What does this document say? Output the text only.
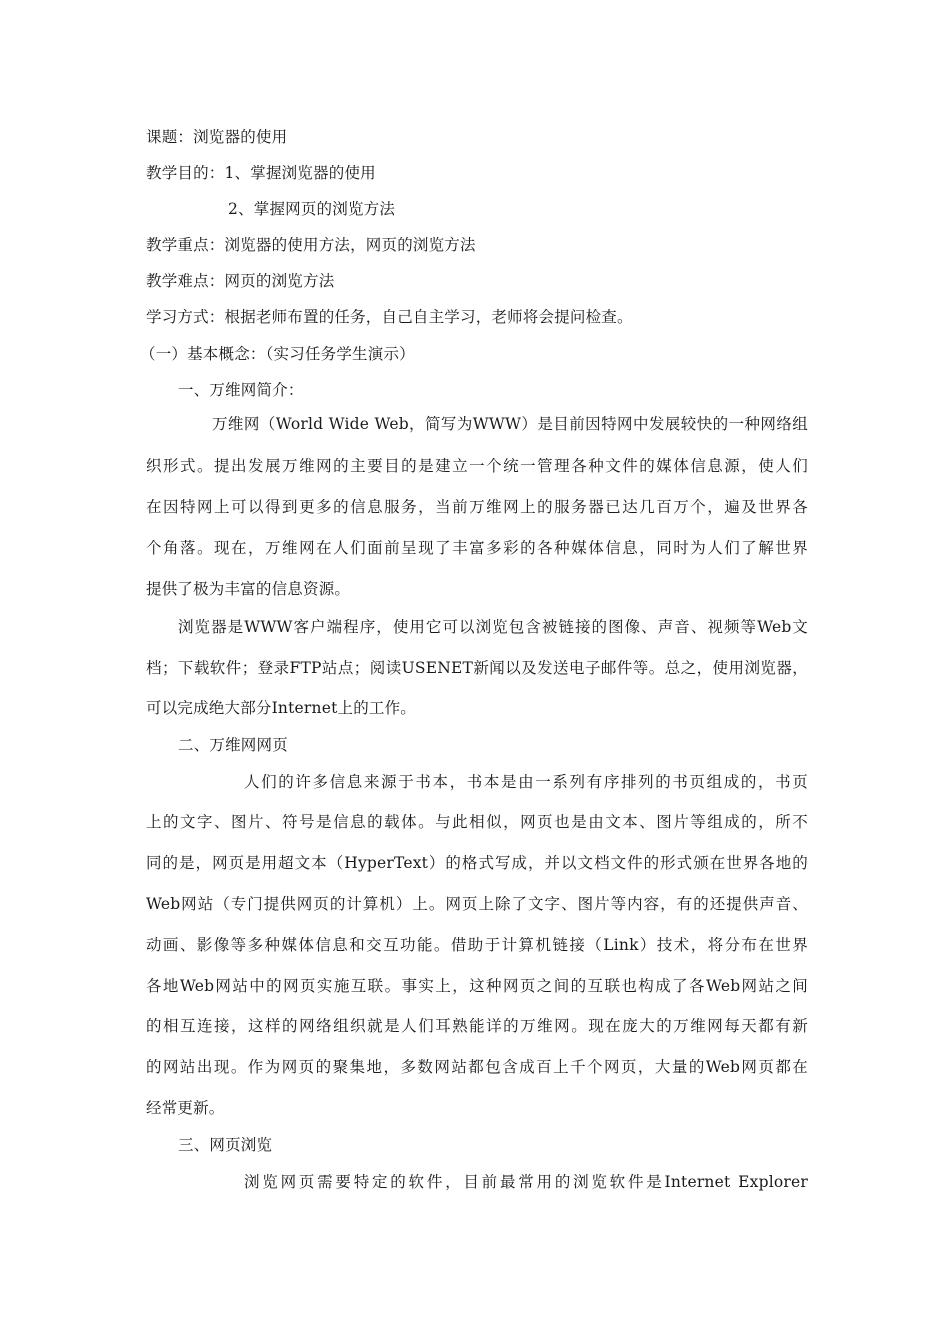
课题：浏览器的使用
教学目的：1、掌握浏览器的使用
2、掌握网页的浏览方法
教学重点：浏览器的使用方法，网页的浏览方法
教学难点：网页的浏览方法
学习方式：根据老师布置的任务，自己自主学习，老师将会提问检查。
（一）基本概念：（实习任务学生演示）
一、万维网简介：
万维网（World Wide Web，简写为WWW）是目前因特网中发展较快的一种网络组
织形式。提出发展万维网的主要目的是建立一个统一管理各种文件的媒体信息源，使人们
在因特网上可以得到更多的信息服务，当前万维网上的服务器已达几百万个，遍及世界各
个角落。现在，万维网在人们面前呈现了丰富多彩的各种媒体信息，同时为人们了解世界
提供了极为丰富的信息资源。
浏览器是WWW客户端程序，使用它可以浏览包含被链接的图像、声音、视频等Web文
档；下载软件；登录FTP站点；阅读USENET新闻以及发送电子邮件等。总之，使用浏览器，
可以完成绝大部分Internet上的工作。
二、万维网网页
人们的许多信息来源于书本，书本是由一系列有序排列的书页组成的，书页
上的文字、图片、符号是信息的载体。与此相似，网页也是由文本、图片等组成的，所不
同的是，网页是用超文本（HyperText）的格式写成，并以文档文件的形式颁在世界各地的
Web网站（专门提供网页的计算机）上。网页上除了文字、图片等内容，有的还提供声音、
动画、影像等多种媒体信息和交互功能。借助于计算机链接（Link）技术，将分布在世界
各地Web网站中的网页实施互联。事实上，这种网页之间的互联也构成了各Web网站之间
的相互连接，这样的网络组织就是人们耳熟能详的万维网。现在庞大的万维网每天都有新
的网站出现。作为网页的聚集地，多数网站都包含成百上千个网页，大量的Web网页都在
经常更新。
三、网页浏览
浏览网页需要特定的软件，目前最常用的浏览软件是Internet Explorer
